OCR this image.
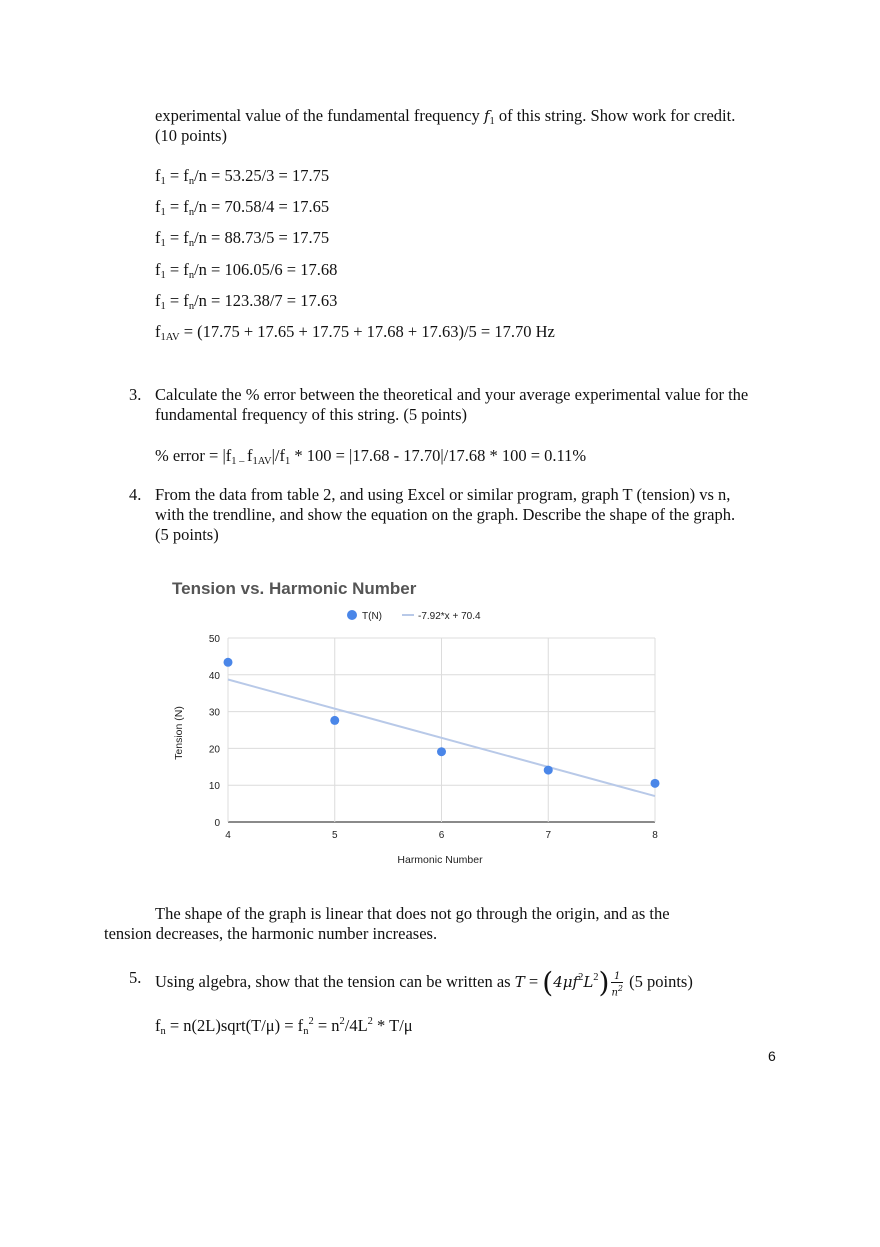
experimental value of the fundamental frequency $f_1$ of this string. Show work for credit.
(10 points)
$f_1 = f_n/n = 53.25/3 = 17.75$
$f_1 = f_n/n = 70.58/4 = 17.65$
$f_1 = f_n/n = 88.73/5 = 17.75$
$f_1 = f_n/n = 106.05/6 = 17.68$
$f_1 = f_n/n = 123.38/7 = 17.63$
$f_{1AV} = (17.75 + 17.65 + 17.75 + 17.68 + 17.63)/5 = 17.70$ Hz
3. Calculate the % error between the theoretical and your average experimental value for the
fundamental frequency of this string. (5 points)
% error = $|f_{1 -}$ $f_{1AV}|/f_1 * 100 = |17.68 - 17.70|/17.68 * 100 = 0.11\%$
4. From the data from table 2, and using Excel or similar program, graph T (tension) vs n,
with the trendline, and show the equation on the graph. Describe the shape of the graph.
(5 points)
Tension vs. Harmonic Number
T(N)	-7.92*x + 70.4
0
10
20
30
40
50
4	5	6	7	8
Tension (N)
Harmonic Number
The shape of the graph is linear that does not go through the origin, and as the
tension decreases, the harmonic number increases.
5. Using algebra, show that the tension can be written as $T = (4\mu f^2L^2) \frac{1}{n^2} (5$ points)
$f_n$ = n(2L)sqrt(T/μ) = $f_n^2 = n^2/4L^2 * T/\mu$
6
